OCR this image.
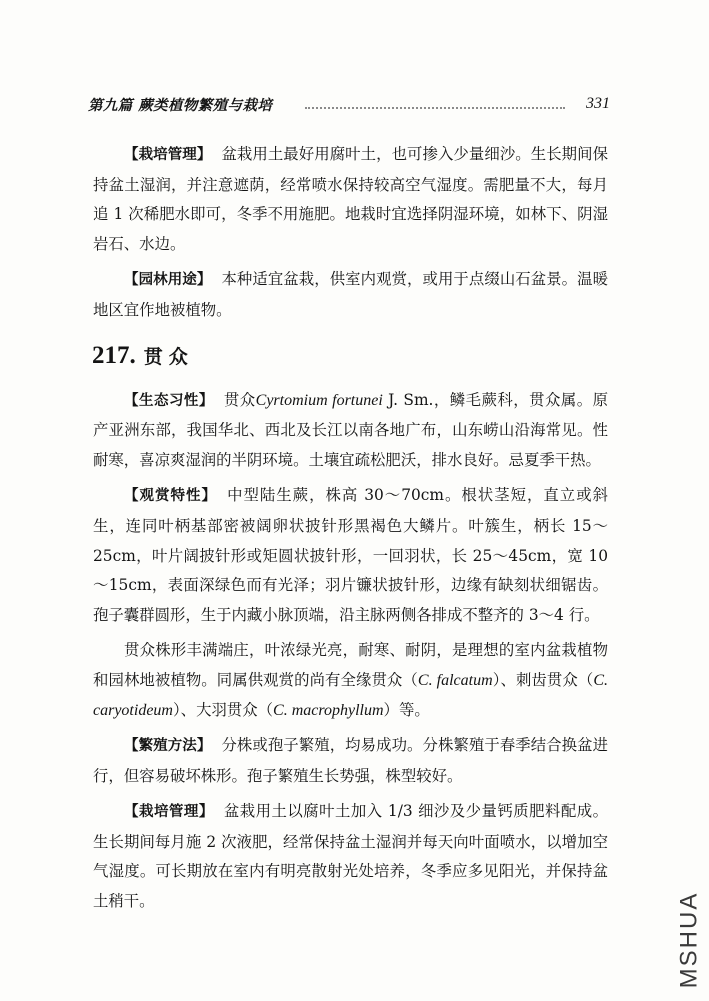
第九篇 蕨类植物繁殖与栽培	331

【栽培管理】 盆栽用土最好用腐叶土，也可掺入少量细沙。生长期间保持盆土湿润，并注意遮荫，经常喷水保持较高空气湿度。需肥量不大，每月追 1 次稀肥水即可，冬季不用施肥。地栽时宜选择阴湿环境，如林下、阴湿岩石、水边。

【园林用途】 本种适宜盆栽，供室内观赏，或用于点缀山石盆景。温暖地区宜作地被植物。

217. 贯众

【生态习性】 贯众Cyrtomium fortunei J. Sm.，鳞毛蕨科，贯众属。原产亚洲东部，我国华北、西北及长江以南各地广布，山东崂山沿海常见。性耐寒，喜凉爽湿润的半阴环境。土壤宜疏松肥沃，排水良好。忌夏季干热。

【观赏特性】 中型陆生蕨，株高 30～70cm。根状茎短，直立或斜生，连同叶柄基部密被阔卵状披针形黑褐色大鳞片。叶簇生，柄长 15～25cm，叶片阔披针形或矩圆状披针形，一回羽状，长 25～45cm，宽 10～15cm，表面深绿色而有光泽；羽片镰状披针形，边缘有缺刻状细锯齿。孢子囊群圆形，生于内藏小脉顶端，沿主脉两侧各排成不整齐的 3～4 行。

贯众株形丰满端庄，叶浓绿光亮，耐寒、耐阴，是理想的室内盆栽植物和园林地被植物。同属供观赏的尚有全缘贯众（C. falcatum）、刺齿贯众（C. caryotideum）、大羽贯众（C. macrophyllum）等。

【繁殖方法】 分株或孢子繁殖，均易成功。分株繁殖于春季结合换盆进行，但容易破坏株形。孢子繁殖生长势强，株型较好。

【栽培管理】 盆栽用土以腐叶土加入 1/3 细沙及少量钙质肥料配成。生长期间每月施 2 次液肥，经常保持盆土湿润并每天向叶面喷水，以增加空气湿度。可长期放在室内有明亮散射光处培养，冬季应多见阳光，并保持盆土稍干。	MSHUA
